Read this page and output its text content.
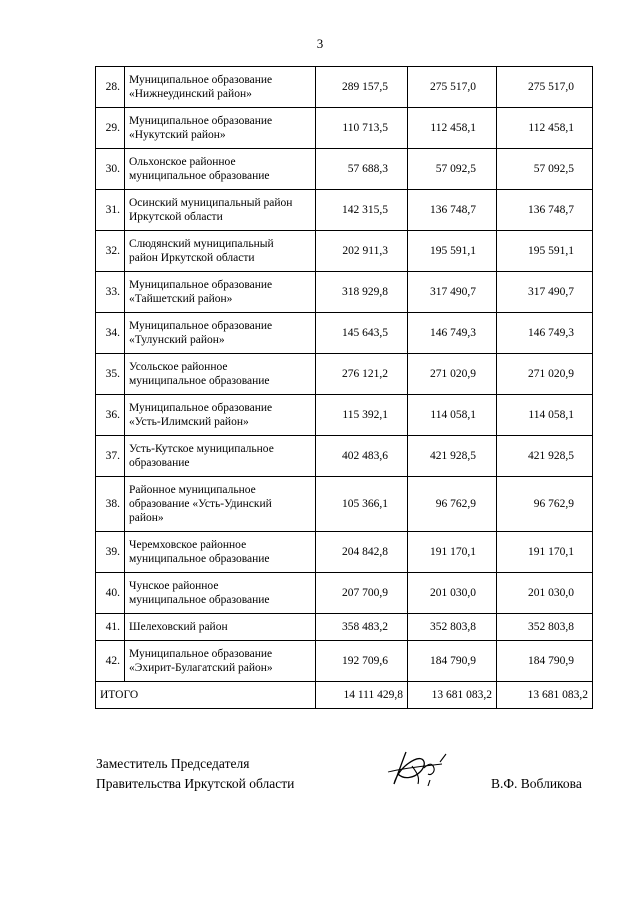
3
28.	Муниципальное образование
«Нижнеудинский район»	289 157,5	275 517,0	275 517,0
29.	Муниципальное образование
«Нукутский район»	110 713,5	112 458,1	112 458,1
30.	Ольхонское районное
муниципальное образование	57 688,3	57 092,5	57 092,5
31.	Осинский муниципальный район
Иркутской области	142 315,5	136 748,7	136 748,7
32.	Слюдянский муниципальный
район Иркутской области	202 911,3	195 591,1	195 591,1
33.	Муниципальное образование
«Тайшетский район»	318 929,8	317 490,7	317 490,7
34.	Муниципальное образование
«Тулунский район»	145 643,5	146 749,3	146 749,3
35.	Усольское районное
муниципальное образование	276 121,2	271 020,9	271 020,9
36.	Муниципальное образование
«Усть-Илимский район»	115 392,1	114 058,1	114 058,1
37.	Усть-Кутское муниципальное
образование	402 483,6	421 928,5	421 928,5
38.	Районное муниципальное
образование «Усть-Удинский
район»	105 366,1	96 762,9	96 762,9
39.	Черемховское районное
муниципальное образование	204 842,8	191 170,1	191 170,1
40.	Чунское районное
муниципальное образование	207 700,9	201 030,0	201 030,0
41.	Шелеховский район	358 483,2	352 803,8	352 803,8
42.	Муниципальное образование
«Эхирит-Булагатский район»	192 709,6	184 790,9	184 790,9
ИТОГО		14 111 429,8	13 681 083,2	13 681 083,2
Заместитель Председателя
Правительства Иркутской области	В.Ф. Вобликова
